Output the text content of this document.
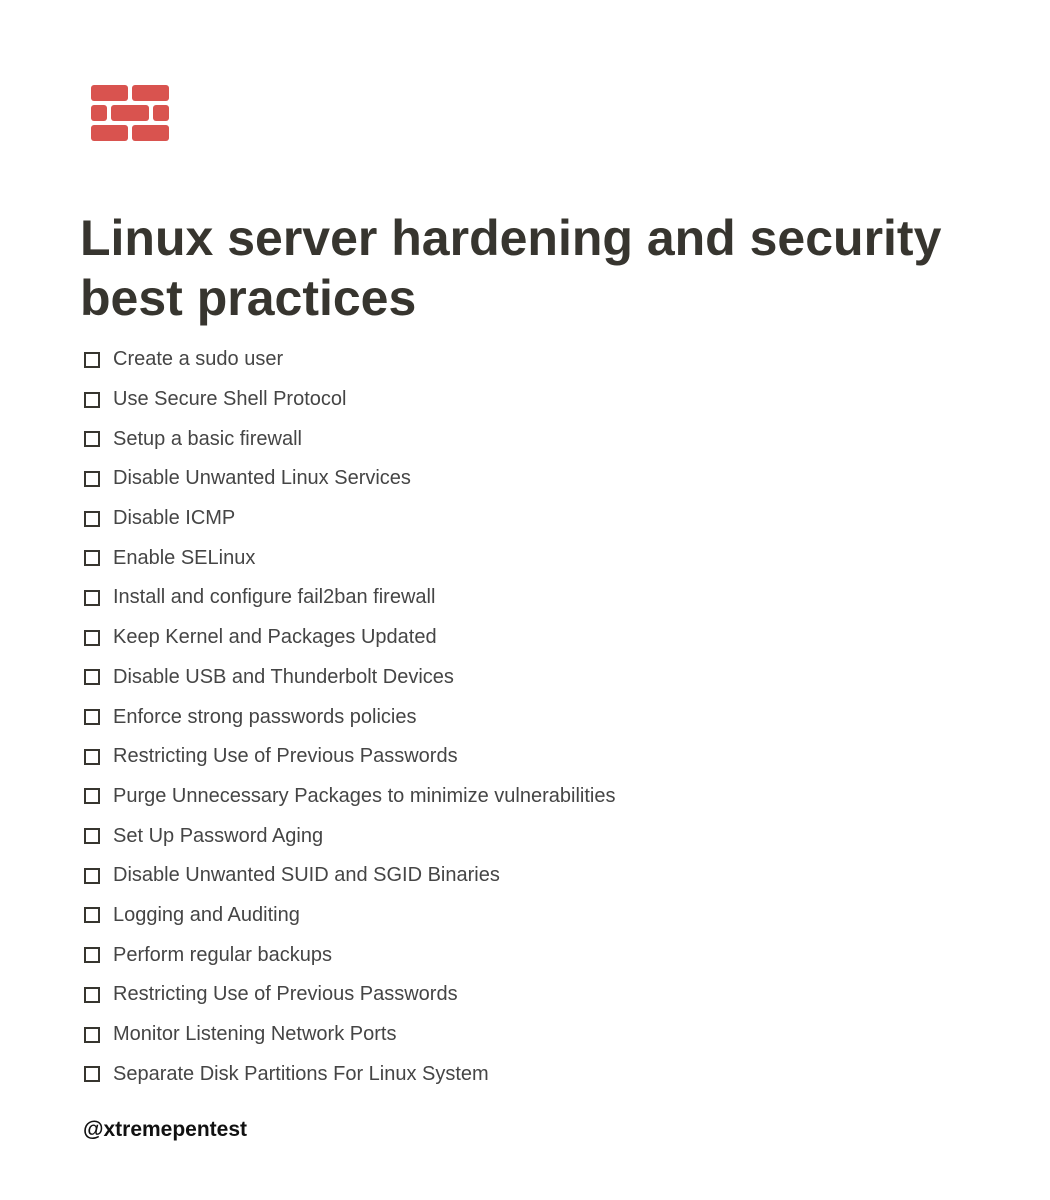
Linux server hardening and security best practices
Create a sudo user
Use Secure Shell Protocol
Setup a basic firewall
Disable Unwanted Linux Services
Disable ICMP
Enable SELinux
Install and configure fail2ban firewall
Keep Kernel and Packages Updated
Disable USB and Thunderbolt Devices
Enforce strong passwords policies
Restricting Use of Previous Passwords
Purge Unnecessary Packages to minimize vulnerabilities
Set Up Password Aging
Disable Unwanted SUID and SGID Binaries
Logging and Auditing
Perform regular backups
Restricting Use of Previous Passwords
Monitor Listening Network Ports
Separate Disk Partitions For Linux System
@xtremepentest
